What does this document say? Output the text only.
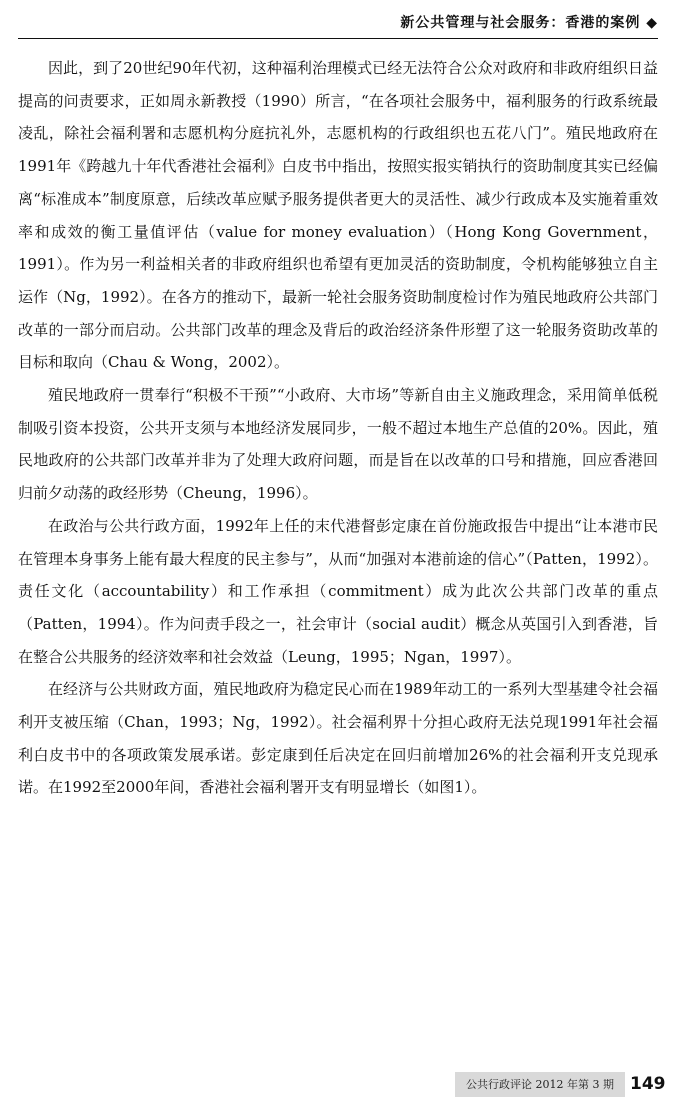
新公共管理与社会服务：香港的案例 ◆

因此，到了20世纪90年代初，这种福利治理模式已经无法符合公众对政府和非政府组织日益提高的问责要求，正如周永新教授（1990）所言，“在各项社会服务中，福利服务的行政系统最凌乱，除社会福利署和志愿机构分庭抗礼外，志愿机构的行政组织也五花八门”。殖民地政府在1991年《跨越九十年代香港社会福利》白皮书中指出，按照实报实销执行的资助制度其实已经偏离“标准成本”制度原意，后续改革应赋予服务提供者更大的灵活性、减少行政成本及实施着重效率和成效的衡工量值评估（value for money evaluation）（Hong Kong Government，1991）。作为另一利益相关者的非政府组织也希望有更加灵活的资助制度，令机构能够独立自主运作（Ng，1992）。在各方的推动下，最新一轮社会服务资助制度检讨作为殖民地政府公共部门改革的一部分而启动。公共部门改革的理念及背后的政治经济条件形塑了这一轮服务资助改革的目标和取向（Chau & Wong，2002）。

殖民地政府一贯奉行“积极不干预”“小政府、大市场”等新自由主义施政理念，采用简单低税制吸引资本投资，公共开支须与本地经济发展同步，一般不超过本地生产总值的20%。因此，殖民地政府的公共部门改革并非为了处理大政府问题，而是旨在以改革的口号和措施，回应香港回归前夕动荡的政经形势（Cheung，1996）。

在政治与公共行政方面，1992年上任的末代港督彭定康在首份施政报告中提出“让本港市民在管理本身事务上能有最大程度的民主参与”，从而“加强对本港前途的信心”（Patten，1992）。责任文化（accountability）和工作承担（commitment）成为此次公共部门改革的重点（Patten，1994）。作为问责手段之一，社会审计（social audit）概念从英国引入到香港，旨在整合公共服务的经济效率和社会效益（Leung，1995；Ngan，1997）。

在经济与公共财政方面，殖民地政府为稳定民心而在1989年动工的一系列大型基建令社会福利开支被压缩（Chan，1993；Ng，1992）。社会福利界十分担心政府无法兑现1991年社会福利白皮书中的各项政策发展承诺。彭定康到任后决定在回归前增加26%的社会福利开支兑现承诺。在1992至2000年间，香港社会福利署开支有明显增长（如图1）。

公共行政评论 2012 年第 3 期 149
